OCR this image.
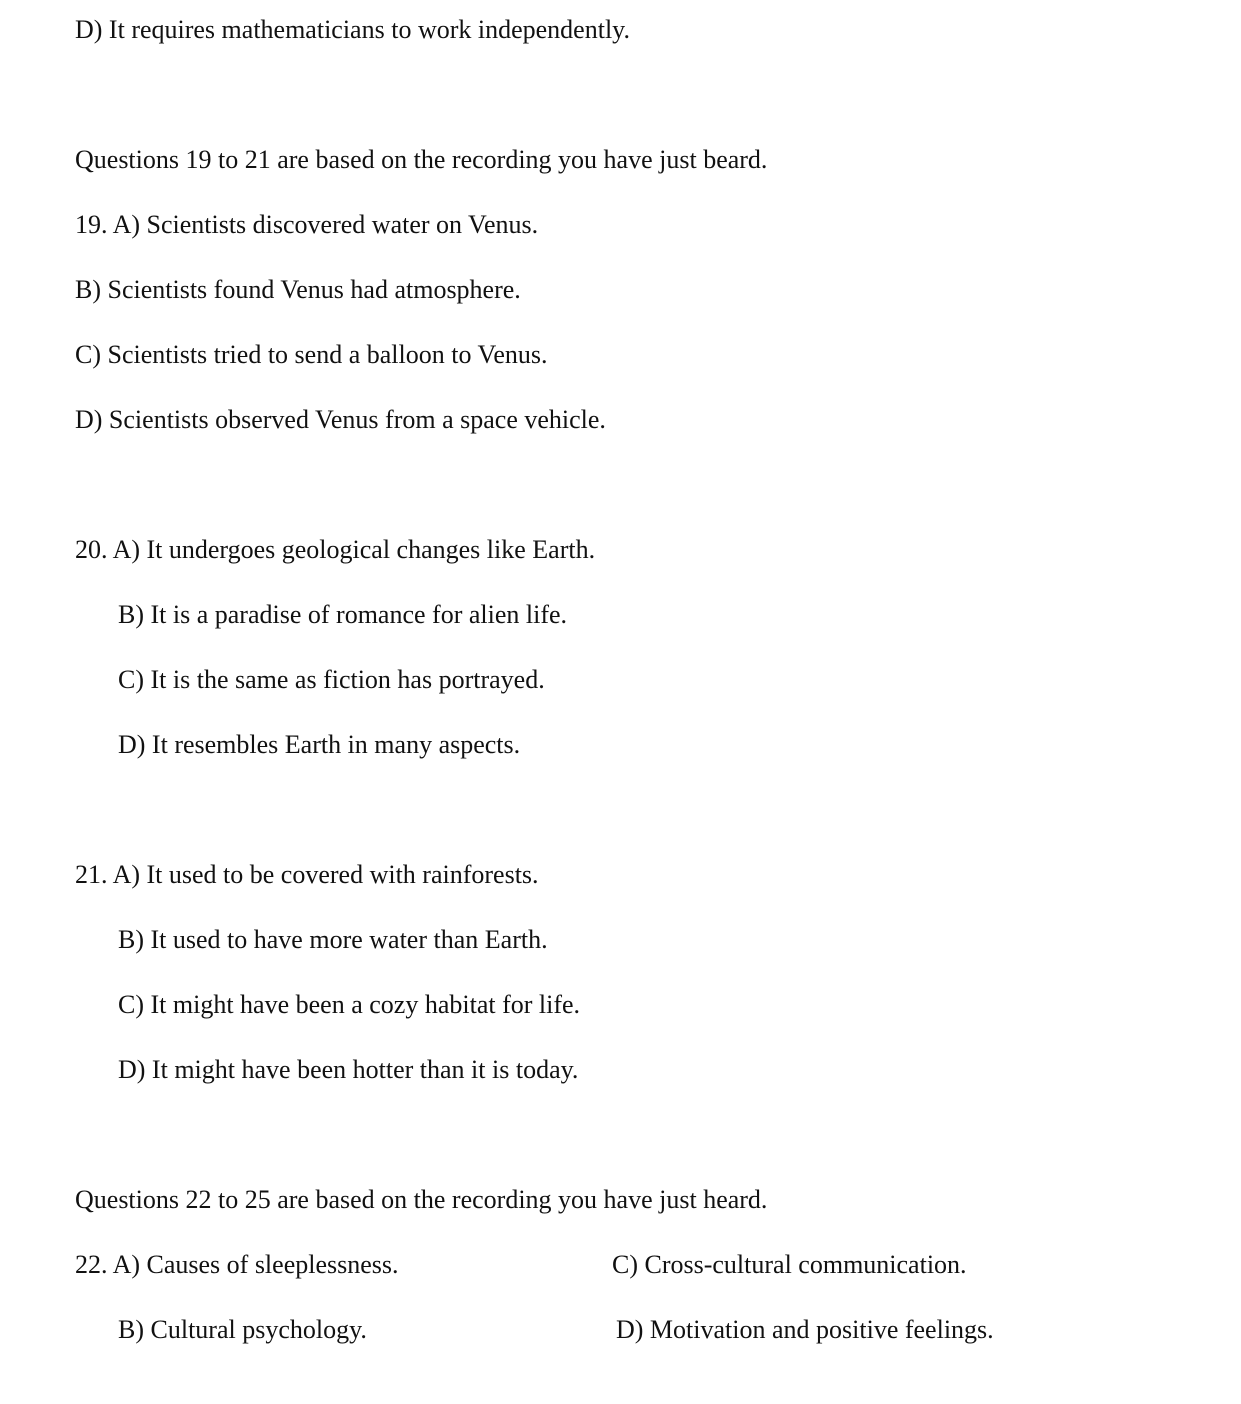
D) It requires mathematicians to work independently.
Questions 19 to 21 are based on the recording you have just beard.
19. A) Scientists discovered water on Venus.
B) Scientists found Venus had atmosphere.
C) Scientists tried to send a balloon to Venus.
D) Scientists observed Venus from a space vehicle.
20. A) It undergoes geological changes like Earth.
B) It is a paradise of romance for alien life.
C) It is the same as fiction has portrayed.
D) It resembles Earth in many aspects.
21. A) It used to be covered with rainforests.
B) It used to have more water than Earth.
C) It might have been a cozy habitat for life.
D) It might have been hotter than it is today.
Questions 22 to 25 are based on the recording you have just heard.
22. A) Causes of sleeplessness.	C) Cross-cultural communication.
B) Cultural psychology.	D) Motivation and positive feelings.
